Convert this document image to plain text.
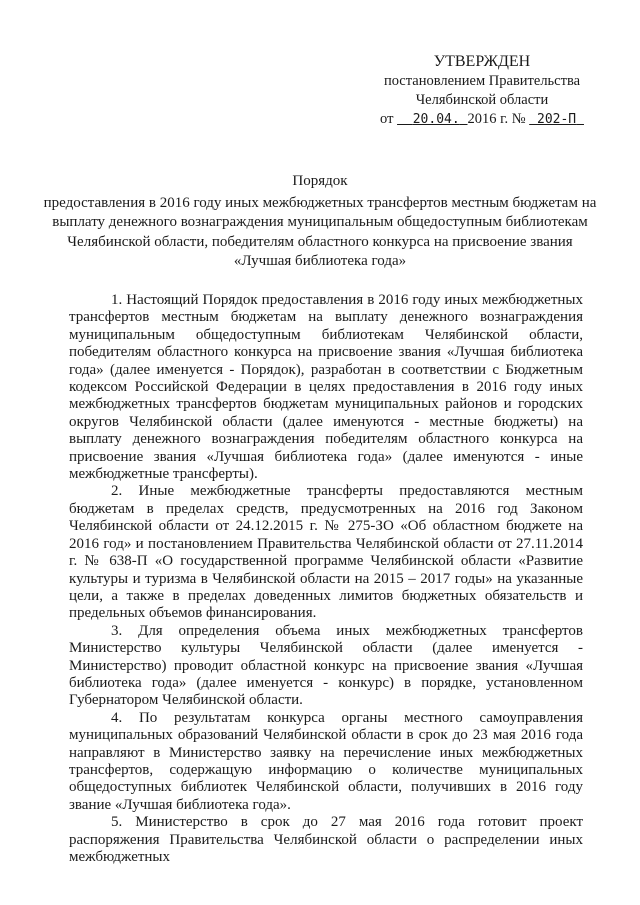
УТВЕРЖДЕН
постановлением Правительства
Челябинской области
от 20.04. 2016 г. № 202-П
Порядок
предоставления в 2016 году иных межбюджетных трансфертов местным бюджетам на выплату денежного вознаграждения муниципальным общедоступным библиотекам Челябинской области, победителям областного конкурса на присвоение звания «Лучшая библиотека года»

1. Настоящий Порядок предоставления в 2016 году иных межбюджетных трансфертов местным бюджетам на выплату денежного вознаграждения муниципальным общедоступным библиотекам Челябинской области, победителям областного конкурса на присвоение звания «Лучшая библиотека года» (далее именуется - Порядок), разработан в соответствии с Бюджетным кодексом Российской Федерации в целях предоставления в 2016 году иных межбюджетных трансфертов бюджетам муниципальных районов и городских округов Челябинской области (далее именуются - местные бюджеты) на выплату денежного вознаграждения победителям областного конкурса на присвоение звания «Лучшая библиотека года» (далее именуются - иные межбюджетные трансферты).

2. Иные межбюджетные трансферты предоставляются местным бюджетам в пределах средств, предусмотренных на 2016 год Законом Челябинской области от 24.12.2015 г. № 275-ЗО «Об областном бюджете на 2016 год» и постановлением Правительства Челябинской области от 27.11.2014 г. № 638-П «О государственной программе Челябинской области «Развитие культуры и туризма в Челябинской области на 2015 – 2017 годы» на указанные цели, а также в пределах доведенных лимитов бюджетных обязательств и предельных объемов финансирования.

3. Для определения объема иных межбюджетных трансфертов Министерство культуры Челябинской области (далее именуется - Министерство) проводит областной конкурс на присвоение звания «Лучшая библиотека года» (далее именуется - конкурс) в порядке, установленном Губернатором Челябинской области.

4. По результатам конкурса органы местного самоуправления муниципальных образований Челябинской области в срок до 23 мая 2016 года направляют в Министерство заявку на перечисление иных межбюджетных трансфертов, содержащую информацию о количестве муниципальных общедоступных библиотек Челябинской области, получивших в 2016 году звание «Лучшая библиотека года».

5. Министерство в срок до 27 мая 2016 года готовит проект распоряжения Правительства Челябинской области о распределении иных межбюджетных
